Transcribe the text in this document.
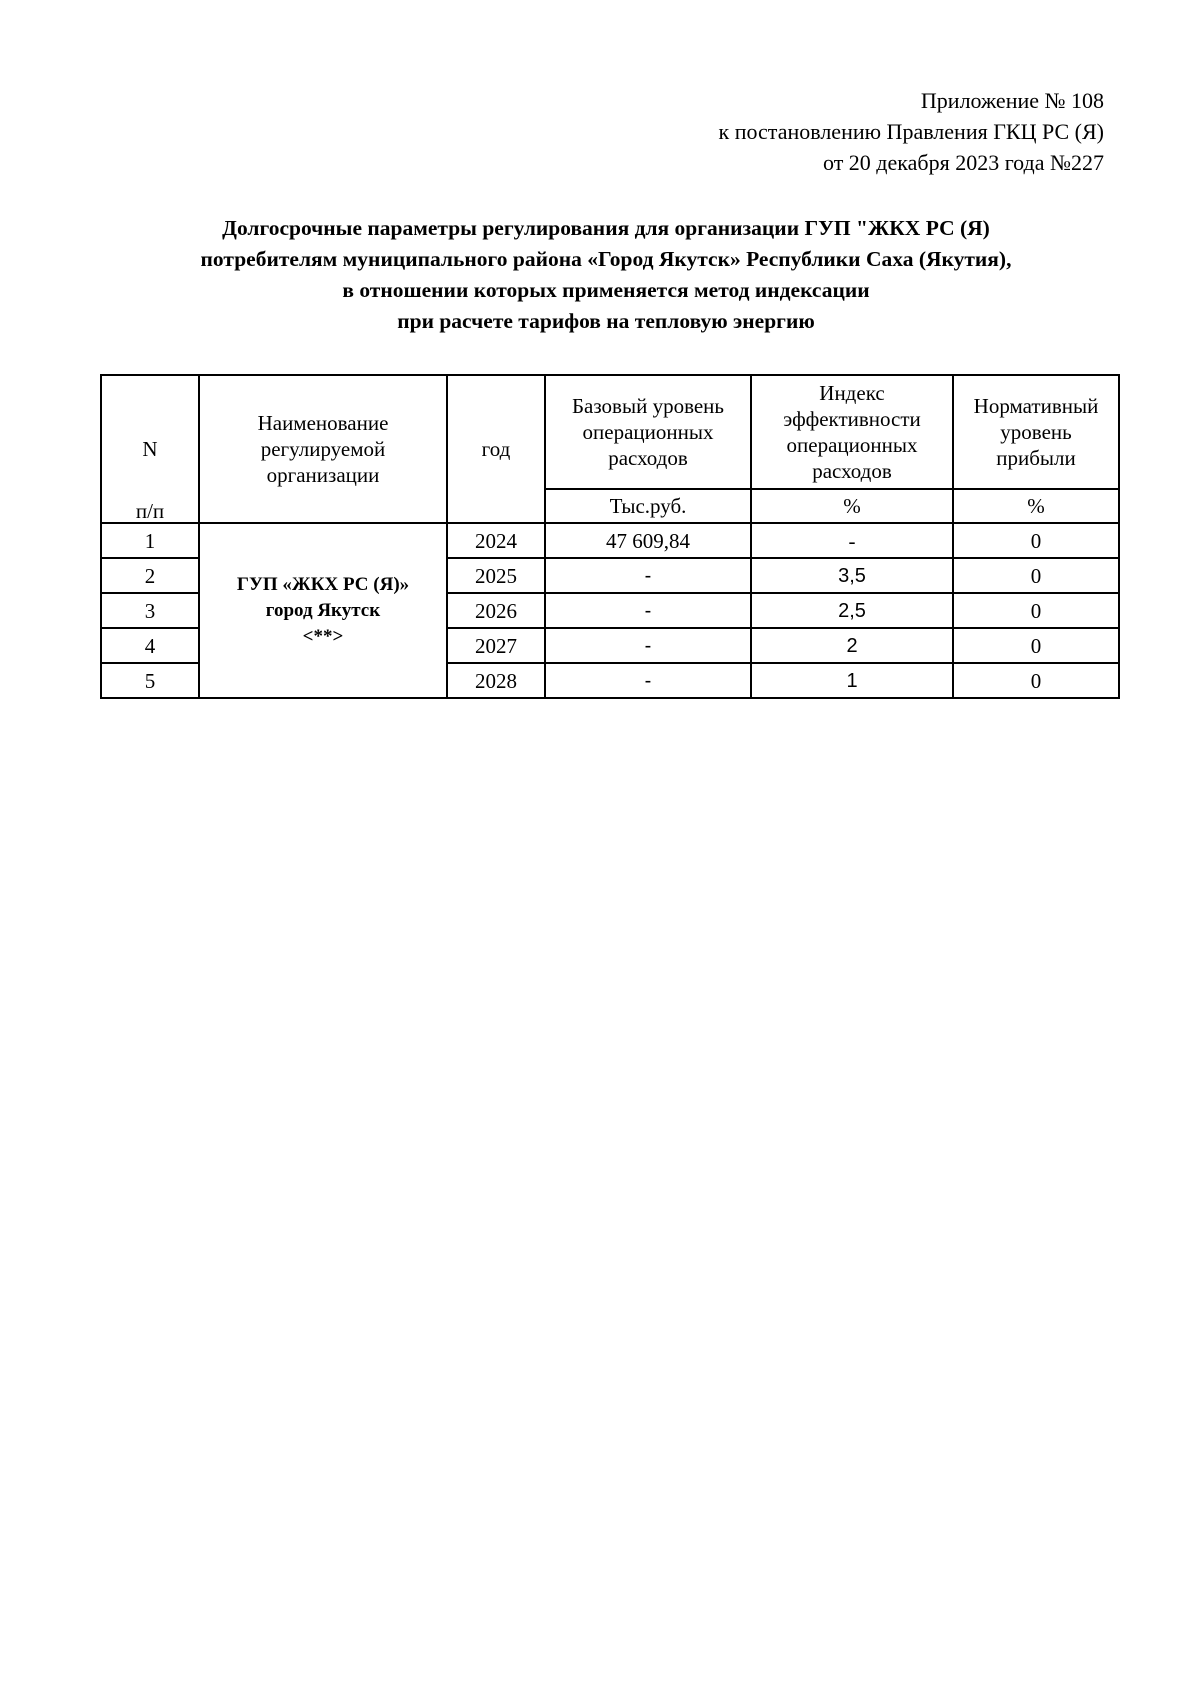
Приложение № 108
к постановлению Правления ГКЦ РС (Я)
от 20 декабря 2023 года №227
Долгосрочные параметры регулирования для организации ГУП "ЖКХ РС (Я)
потребителям муниципального района «Город Якутск» Республики Саха (Якутия),
в отношении которых применяется метод индексации
при расчете тарифов на тепловую энергию
N
п/п	Наименование регулируемой организации	год	Базовый уровень операционных расходов	Индекс эффективности операционных расходов	Нормативный уровень прибыли
			Тыс.руб.	%	%
1	ГУП «ЖКХ РС (Я)»
город Якутск
<**>	2024	47 609,84	-	0
2		2025	-	3,5	0
3		2026	-	2,5	0
4		2027	-	2	0
5		2028	-	1	0
